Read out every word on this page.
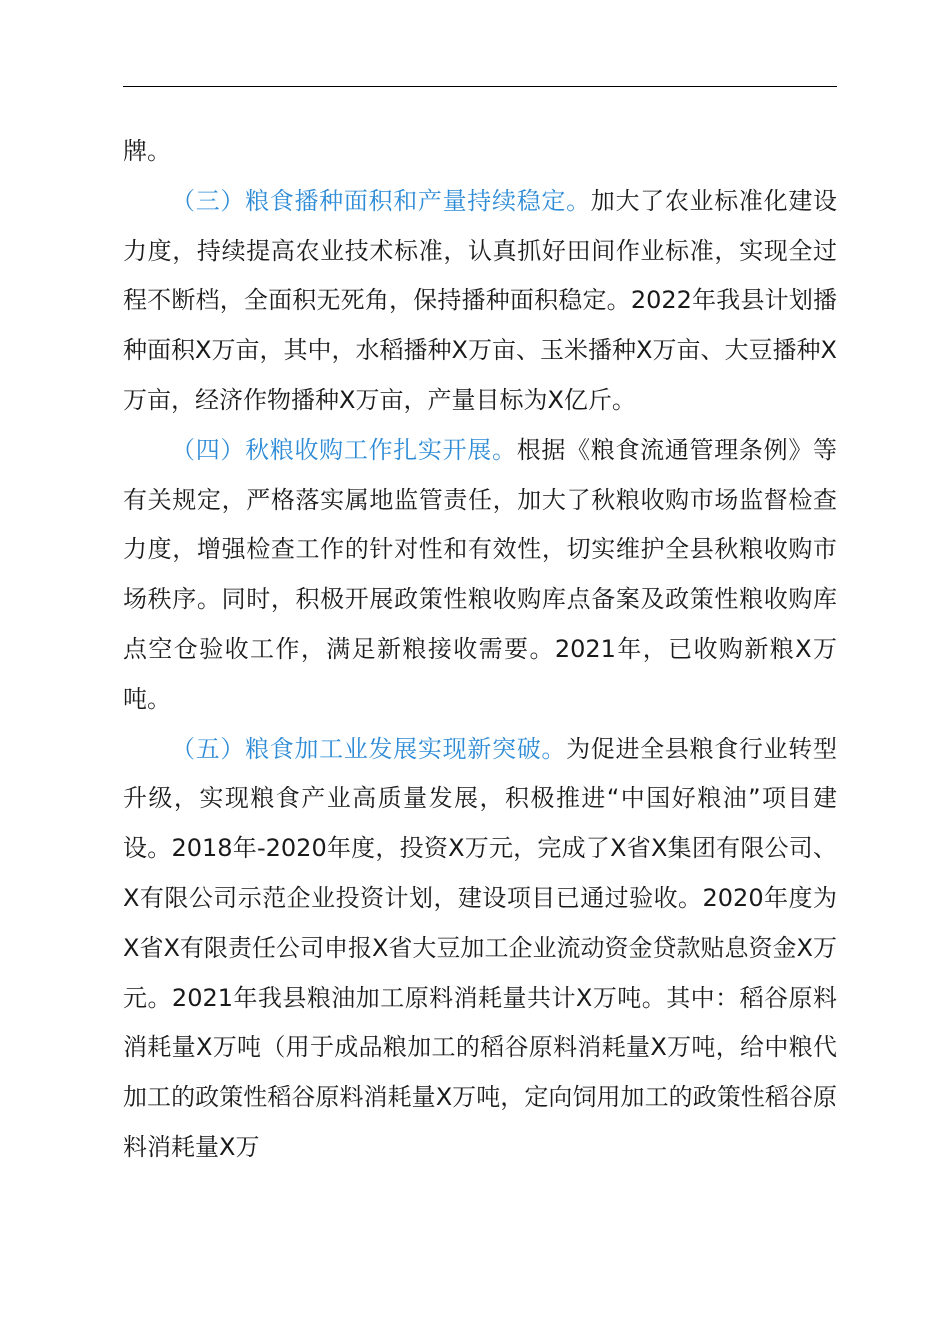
牌。

（三）粮食播种面积和产量持续稳定。加大了农业标准化建设力度，持续提高农业技术标准，认真抓好田间作业标准，实现全过程不断档，全面积无死角，保持播种面积稳定。2022年我县计划播种面积X万亩，其中，水稻播种X万亩、玉米播种X万亩、大豆播种X万亩，经济作物播种X万亩，产量目标为X亿斤。

（四）秋粮收购工作扎实开展。根据《粮食流通管理条例》等有关规定，严格落实属地监管责任，加大了秋粮收购市场监督检查力度，增强检查工作的针对性和有效性，切实维护全县秋粮收购市场秩序。同时，积极开展政策性粮收购库点备案及政策性粮收购库点空仓验收工作，满足新粮接收需要。2021年，已收购新粮X万吨。

（五）粮食加工业发展实现新突破。为促进全县粮食行业转型升级，实现粮食产业高质量发展，积极推进“中国好粮油”项目建设。2018年-2020年度，投资X万元，完成了X省X集团有限公司、X有限公司示范企业投资计划，建设项目已通过验收。2020年度为X省X有限责任公司申报X省大豆加工企业流动资金贷款贴息资金X万元。2021年我县粮油加工原料消耗量共计X万吨。其中：稻谷原料消耗量X万吨（用于成品粮加工的稻谷原料消耗量X万吨，给中粮代加工的政策性稻谷原料消耗量X万吨，定向饲用加工的政策性稻谷原料消耗量X万
